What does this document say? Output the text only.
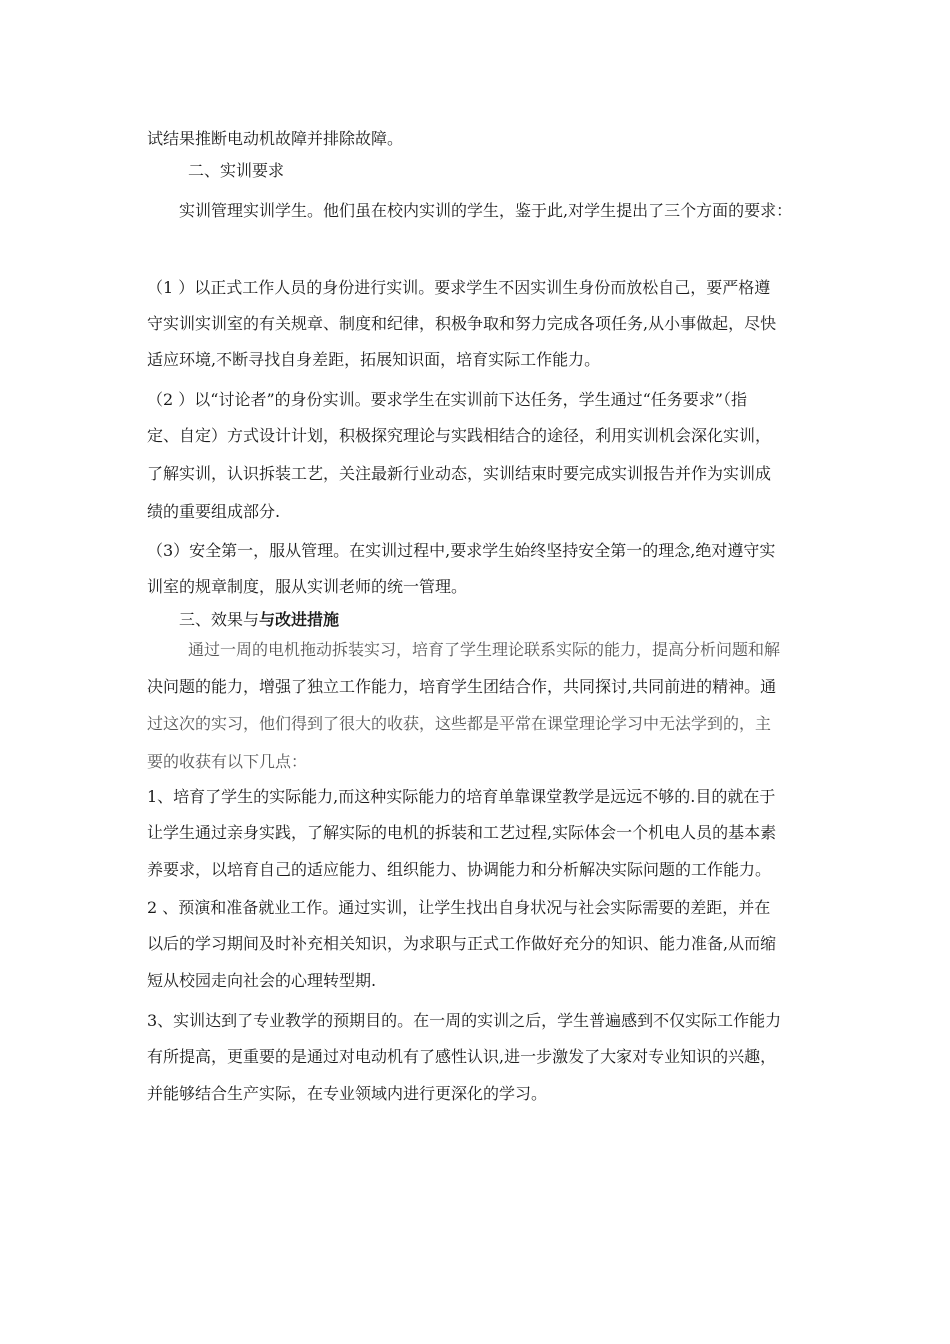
试结果推断电动机故障并排除故障。
二、实训要求
实训管理实训学生。他们虽在校内实训的学生，鉴于此,对学生提出了三个方面的要求：
（1 ）以正式工作人员的身份进行实训。要求学生不因实训生身份而放松自己，要严格遵
守实训实训室的有关规章、制度和纪律，积极争取和努力完成各项任务,从小事做起，尽快
适应环境,不断寻找自身差距，拓展知识面，培育实际工作能力。
（2 ）以“讨论者”的身份实训。要求学生在实训前下达任务，学生通过“任务要求”（指
定、自定）方式设计计划，积极探究理论与实践相结合的途径，利用实训机会深化实训，
了解实训，认识拆装工艺，关注最新行业动态，实训结束时要完成实训报告并作为实训成
绩的重要组成部分.
（3）安全第一，服从管理。在实训过程中,要求学生始终坚持安全第一的理念,绝对遵守实
训室的规章制度，服从实训老师的统一管理。
三、效果与与改进措施
通过一周的电机拖动拆装实习，培育了学生理论联系实际的能力，提高分析问题和解
决问题的能力，增强了独立工作能力，培育学生团结合作，共同探讨,共同前进的精神。通
过这次的实习，他们得到了很大的收获，这些都是平常在课堂理论学习中无法学到的，主
要的收获有以下几点：
1、培育了学生的实际能力,而这种实际能力的培育单靠课堂教学是远远不够的.目的就在于
让学生通过亲身实践，了解实际的电机的拆装和工艺过程,实际体会一个机电人员的基本素
养要求，以培育自己的适应能力、组织能力、协调能力和分析解决实际问题的工作能力。
2 、预演和准备就业工作。通过实训，让学生找出自身状况与社会实际需要的差距，并在
以后的学习期间及时补充相关知识，为求职与正式工作做好充分的知识、能力准备,从而缩
短从校园走向社会的心理转型期.
3、实训达到了专业教学的预期目的。在一周的实训之后，学生普遍感到不仅实际工作能力
有所提高，更重要的是通过对电动机有了感性认识,进一步激发了大家对专业知识的兴趣，
并能够结合生产实际，在专业领域内进行更深化的学习。
